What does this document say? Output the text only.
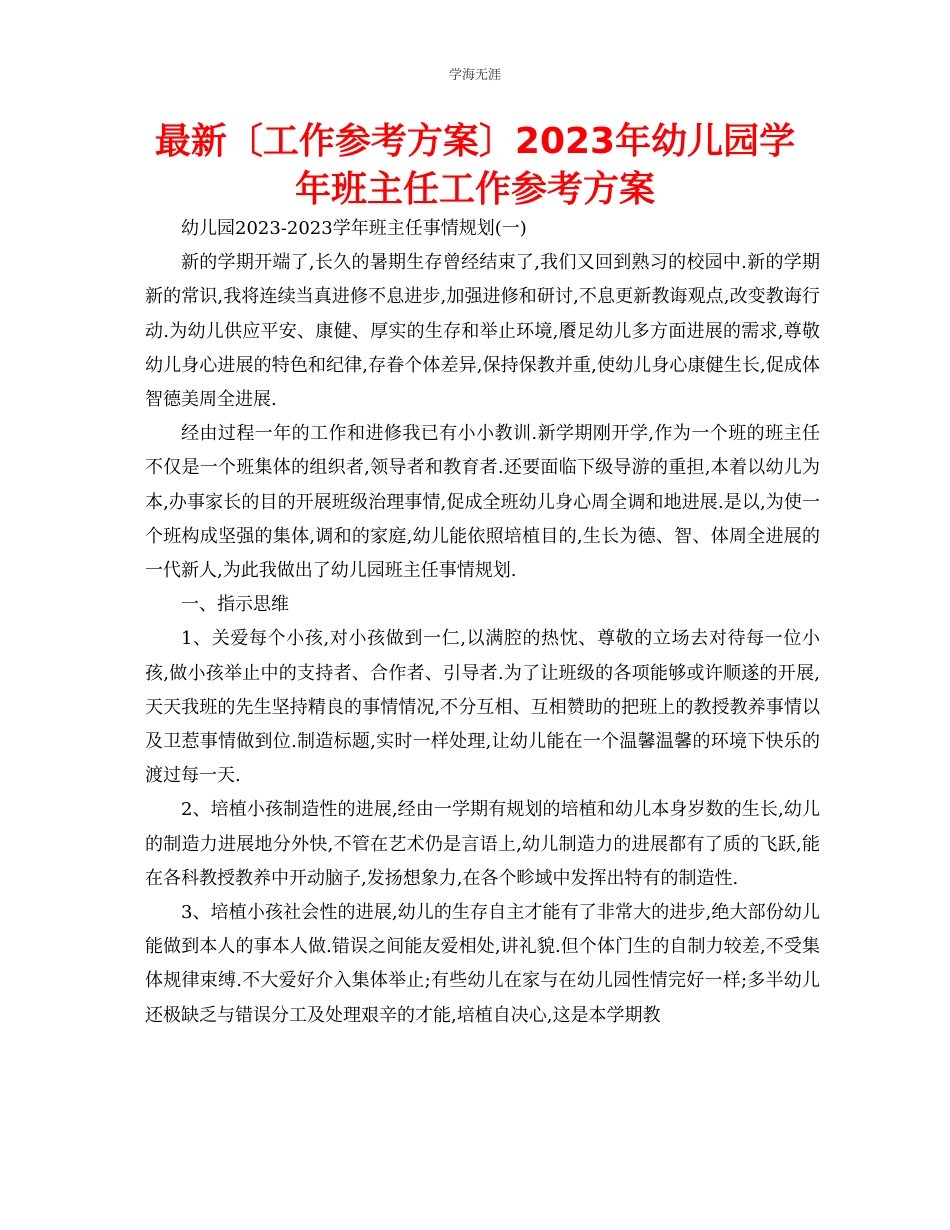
学海无涯
最新〔工作参考方案〕2023年幼儿园学
年班主任工作参考方案

幼儿园2023-2023学年班主任事情规划(一)

新的学期开端了,长久的暑期生存曾经结束了,我们又回到熟习的校园中.新的学期新的常识,我将连续当真进修不息进步,加强进修和研讨,不息更新教诲观点,改变教诲行动.为幼儿供应平安、康健、厚实的生存和举止环境,餍足幼儿多方面进展的需求,尊敬幼儿身心进展的特色和纪律,存眷个体差异,保持保教并重,使幼儿身心康健生长,促成体智德美周全进展.

经由过程一年的工作和进修我已有小小教训.新学期刚开学,作为一个班的班主任不仅是一个班集体的组织者,领导者和教育者.还要面临下级导游的重担,本着以幼儿为本,办事家长的目的开展班级治理事情,促成全班幼儿身心周全调和地进展.是以,为使一个班构成坚强的集体,调和的家庭,幼儿能依照培植目的,生长为德、智、体周全进展的一代新人,为此我做出了幼儿园班主任事情规划.

一、指示思维

1、关爱每个小孩,对小孩做到一仁,以满腔的热忱、尊敬的立场去对待每一位小孩,做小孩举止中的支持者、合作者、引导者.为了让班级的各项能够或许顺遂的开展,天天我班的先生坚持精良的事情情况,不分互相、互相赞助的把班上的教授教养事情以及卫惹事情做到位.制造标题,实时一样处理,让幼儿能在一个温馨温馨的环境下快乐的渡过每一天.

2、培植小孩制造性的进展,经由一学期有规划的培植和幼儿本身岁数的生长,幼儿的制造力进展地分外快,不管在艺术仍是言语上,幼儿制造力的进展都有了质的飞跃,能在各科教授教养中开动脑子,发扬想象力,在各个畛域中发挥出特有的制造性.

3、培植小孩社会性的进展,幼儿的生存自主才能有了非常大的进步,绝大部份幼儿能做到本人的事本人做.错误之间能友爱相处,讲礼貌.但个体门生的自制力较差,不受集体规律束缚.不大爱好介入集体举止;有些幼儿在家与在幼儿园性情完好一样;多半幼儿还极缺乏与错误分工及处理艰辛的才能,培植自决心,这是本学期教
